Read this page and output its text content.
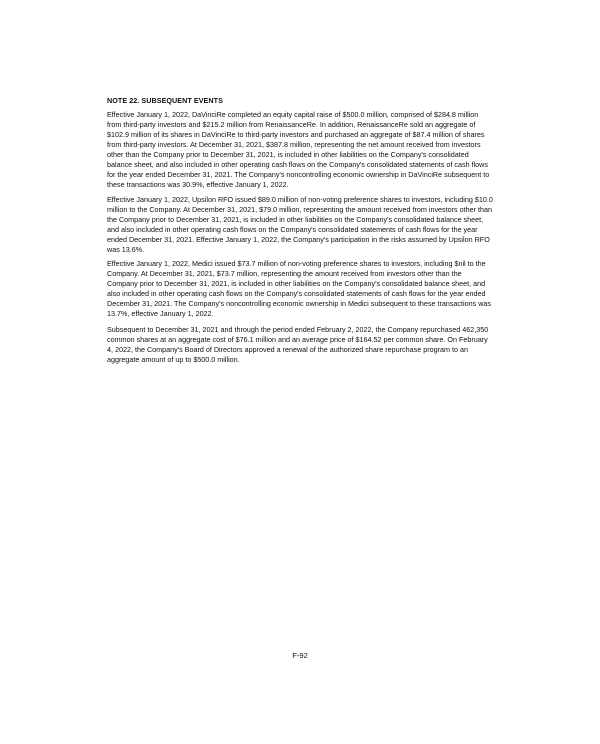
NOTE 22. SUBSEQUENT EVENTS

Effective January 1, 2022, DaVinciRe completed an equity capital raise of $500.0 million, comprised of $284.8 million from third-party investors and $215.2 million from RenaissanceRe. In addition, RenaissanceRe sold an aggregate of $102.9 million of its shares in DaVinciRe to third-party investors and purchased an aggregate of $87.4 million of shares from third-party investors. At December 31, 2021, $387.8 million, representing the net amount received from investors other than the Company prior to December 31, 2021, is included in other liabilities on the Company's consolidated balance sheet, and also included in other operating cash flows on the Company's consolidated statements of cash flows for the year ended December 31, 2021. The Company's noncontrolling economic ownership in DaVinciRe subsequent to these transactions was 30.9%, effective January 1, 2022.

Effective January 1, 2022, Upsilon RFO issued $89.0 million of non-voting preference shares to investors, including $10.0 million to the Company. At December 31, 2021, $79.0 million, representing the amount received from investors other than the Company prior to December 31, 2021, is included in other liabilities on the Company's consolidated balance sheet, and also included in other operating cash flows on the Company's consolidated statements of cash flows for the year ended December 31, 2021. Effective January 1, 2022, the Company's participation in the risks assumed by Upsilon RFO was 13.6%.

Effective January 1, 2022, Medici issued $73.7 million of non-voting preference shares to investors, including $nil to the Company. At December 31, 2021, $73.7 million, representing the amount received from investors other than the Company prior to December 31, 2021, is included in other liabilities on the Company's consolidated balance sheet, and also included in other operating cash flows on the Company's consolidated statements of cash flows for the year ended December 31, 2021. The Company's noncontrolling economic ownership in Medici subsequent to these transactions was 13.7%, effective January 1, 2022.

Subsequent to December 31, 2021 and through the period ended February 2, 2022, the Company repurchased 462,350 common shares at an aggregate cost of $76.1 million and an average price of $164.52 per common share. On February 4, 2022, the Company's Board of Directors approved a renewal of the authorized share repurchase program to an aggregate amount of up to $500.0 million.

F-92
